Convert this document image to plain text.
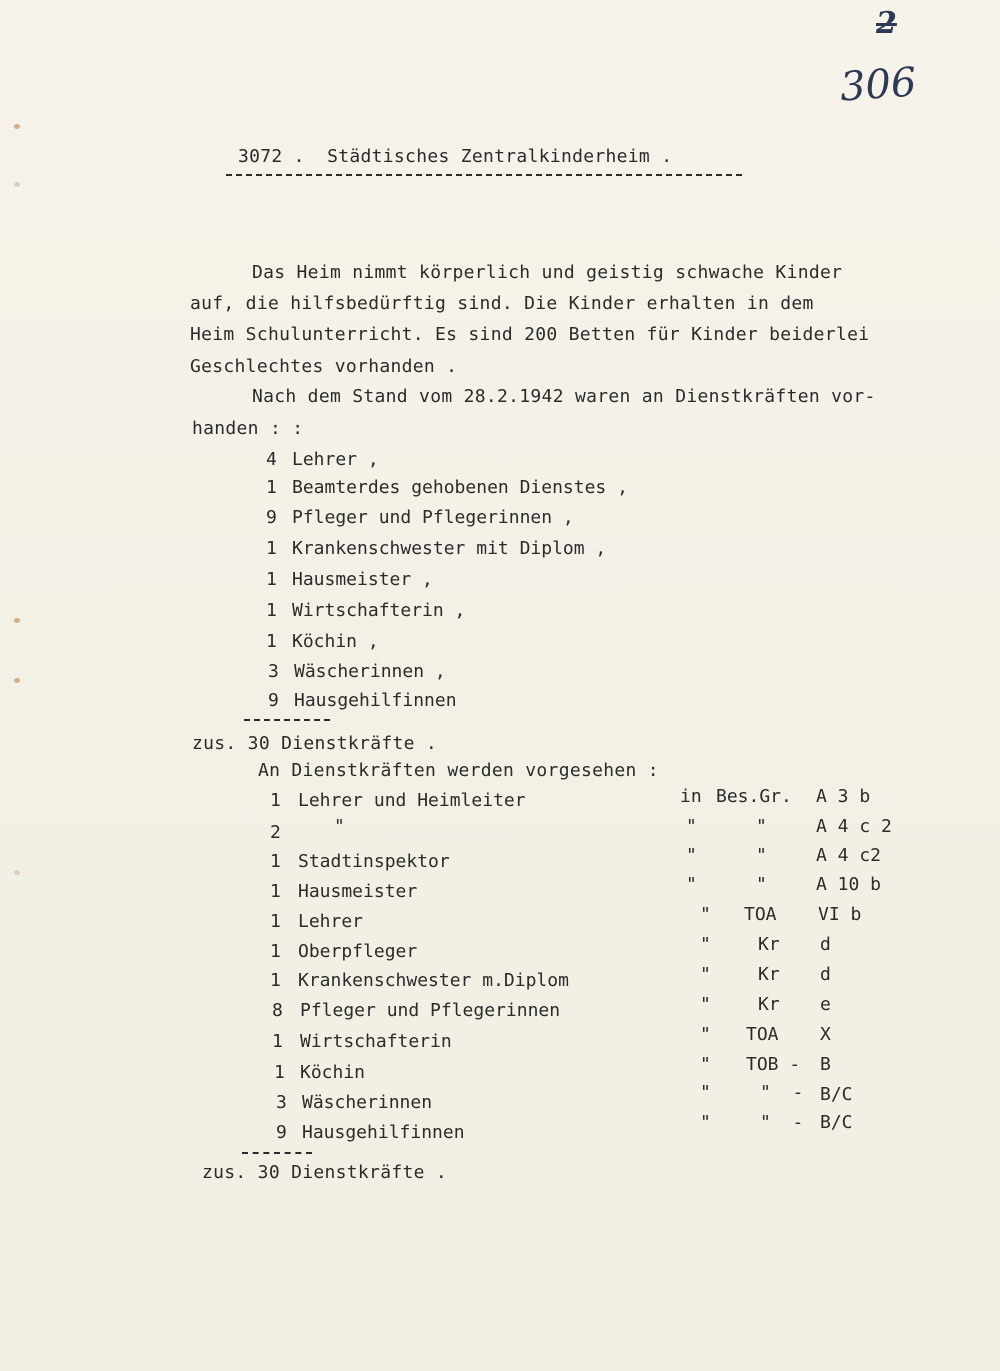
2
306
3072 .  Städtisches Zentralkinderheim .
Das Heim nimmt körperlich und geistig schwache Kinder
auf, die hilfsbedürftig sind. Die Kinder erhalten in dem
Heim Schulunterricht. Es sind 200 Betten für Kinder beiderlei
Geschlechtes vorhanden .
Nach dem Stand vom 28.2.1942 waren an Dienstkräften vor-
handen : :
4 Lehrer ,
1 Beamterdes gehobenen Dienstes ,
9 Pfleger und Pflegerinnen ,
1 Krankenschwester mit Diplom ,
1 Hausmeister ,
1 Wirtschafterin ,
1 Köchin ,
3 Wäscherinnen ,
9 Hausgehilfinnen
zus. 30 Dienstkräfte .
An Dienstkräften werden vorgesehen :
1 Lehrer und Heimleiter	in Bes.Gr. A 3 b
2	"	"	"	A 4 c 2
1 Stadtinspektor	"	"	A 4 c2
1 Hausmeister	"	"	A 10 b
1 Lehrer	" TOA VI b
1 Oberpfleger	"	Kr d
1 Krankenschwester m.Diplom	"	Kr d
8 Pfleger und Pflegerinnen	"	Kr e
1 Wirtschafterin	" TOA X
1 Köchin	" TOB - B
3 Wäscherinnen	"	"  - B/C
9 Hausgehilfinnen	"	"  - B/C
zus. 30 Dienstkräfte .
